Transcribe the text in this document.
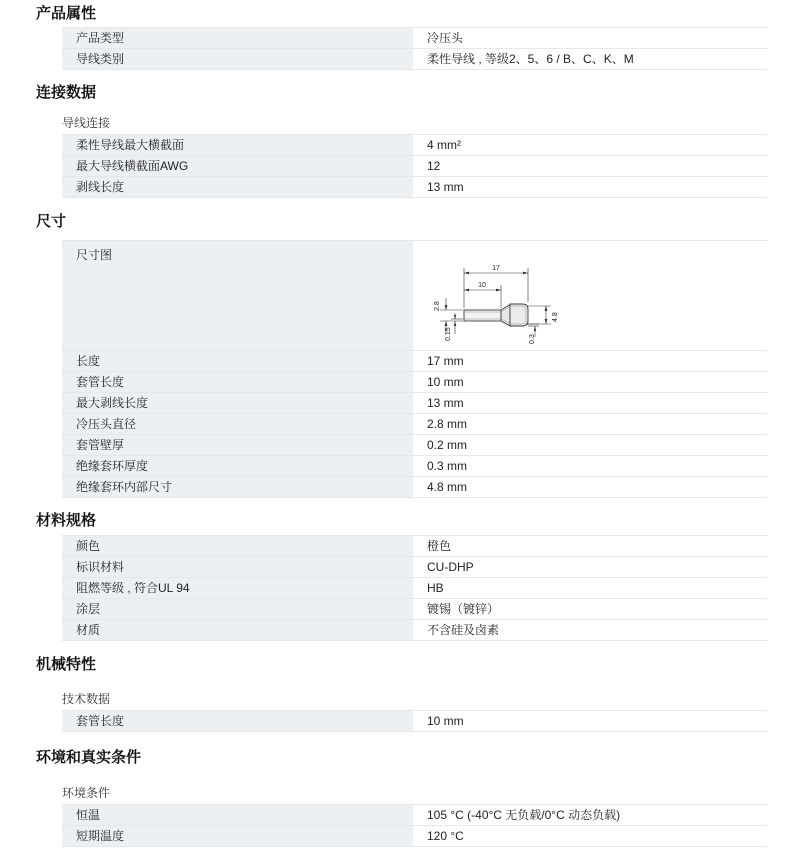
产品属性
产品类型	冷压头
导线类别	柔性导线 , 等级2、5、6 / B、C、K、M
连接数据
导线连接
柔性导线最大横截面	4 mm²
最大导线横截面AWG	12
剥线长度	13 mm
尺寸
尺寸图
17
10
2.8
0.15
4.8
0.3
长度	17 mm
套管长度	10 mm
最大剥线长度	13 mm
冷压头直径	2.8 mm
套管壁厚	0.2 mm
绝缘套环厚度	0.3 mm
绝缘套环内部尺寸	4.8 mm
材料规格
颜色	橙色
标识材料	CU-DHP
阻燃等级 , 符合UL 94	HB
涂层	镀锡（镀锌）
材质	不含硅及卤素
机械特性
技术数据
套管长度	10 mm
环境和真实条件
环境条件
恒温	105 °C (-40°C 无负载/0°C 动态负载)
短期温度	120 °C
